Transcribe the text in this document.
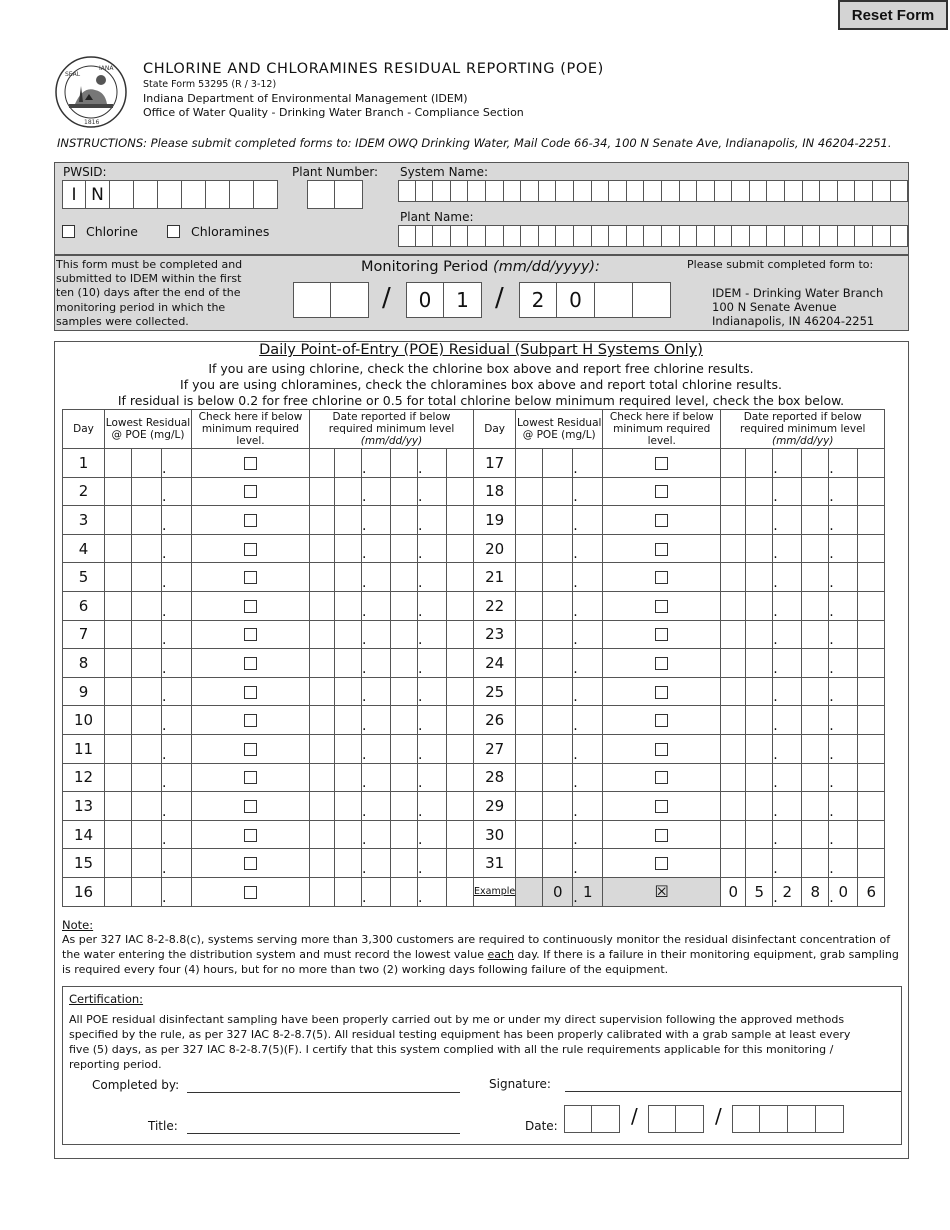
Reset Form
SEAL
IANA
1816
CHLORINE AND CHLORAMINES RESIDUAL REPORTING (POE)
State Form 53295 (R / 3-12)
Indiana Department of Environmental Management (IDEM)
Office of Water Quality - Drinking Water Branch - Compliance Section
INSTRUCTIONS: Please submit completed forms to: IDEM OWQ Drinking Water, Mail Code 66-34, 100 N Senate Ave, Indianapolis, IN 46204-2251.
PWSID:
I N
Plant Number: System Name:
Plant Name:
Chlorine	Chloramines
This form must be completed and submitted to IDEM within the first ten (10) days after the end of the monitoring period in which the samples were collected.
Monitoring Period (mm/dd/yyyy):
/	0	1	/	2	0
Please submit completed form to:
IDEM - Drinking Water Branch
100 N Senate Avenue
Indianapolis, IN 46204-2251
Daily Point-of-Entry (POE) Residual (Subpart H Systems Only)
If you are using chlorine, check the chlorine box above and report free chlorine results.
If you are using chloramines, check the chloramines box above and report total chlorine results.
If residual is below 0.2 for free chlorine or 0.5 for total chlorine below minimum required level, check the box below.
Day	Lowest Residual @ POE (mg/L)			Check here if below minimum required level.	Date reported if below required minimum level (mm/dd/yy)						Day	Lowest Residual @ POE (mg/L)			Check here if below minimum required level.	Date reported if below required minimum level (mm/dd/yy)					
1			.				.		.		17			.				.		.	
2			.				.		.		18			.				.		.	
3			.				.		.		19			.				.		.	
4			.				.		.		20			.				.		.	
5			.				.		.		21			.				.		.	
6			.				.		.		22			.				.		.	
7			.				.		.		23			.				.		.	
8			.				.		.		24			.				.		.	
9			.				.		.		25			.				.		.	
10			.				.		.		26			.				.		.	
11			.				.		.		27			.				.		.	
12			.				.		.		28			.				.		.	
13			.				.		.		29			.				.		.	
14			.				.		.		30			.				.		.	
15			.				.		.		31			.				.		.	
16			.				.		.		Example		0	. 1	☒	0	5	. 2	8	. 0	6
Note:
As per 327 IAC 8-2-8.8(c), systems serving more than 3,300 customers are required to continuously monitor the residual disinfectant concentration of the water entering the distribution system and must record the lowest value each day. If there is a failure in their monitoring equipment, grab sampling is required every four (4) hours, but for no more than two (2) working days following failure of the equipment.
Certification:
All POE residual disinfectant sampling have been properly carried out by me or under my direct supervision following the approved methods specified by the rule, as per 327 IAC 8-2-8.7(5). All residual testing equipment has been properly calibrated with a grab sample at least every five (5) days, as per 327 IAC 8-2-8.7(5)(F). I certify that this system complied with all the rule requirements applicable for this monitoring / reporting period.
Completed by:	Signature:
Title:	Date:	/	/
